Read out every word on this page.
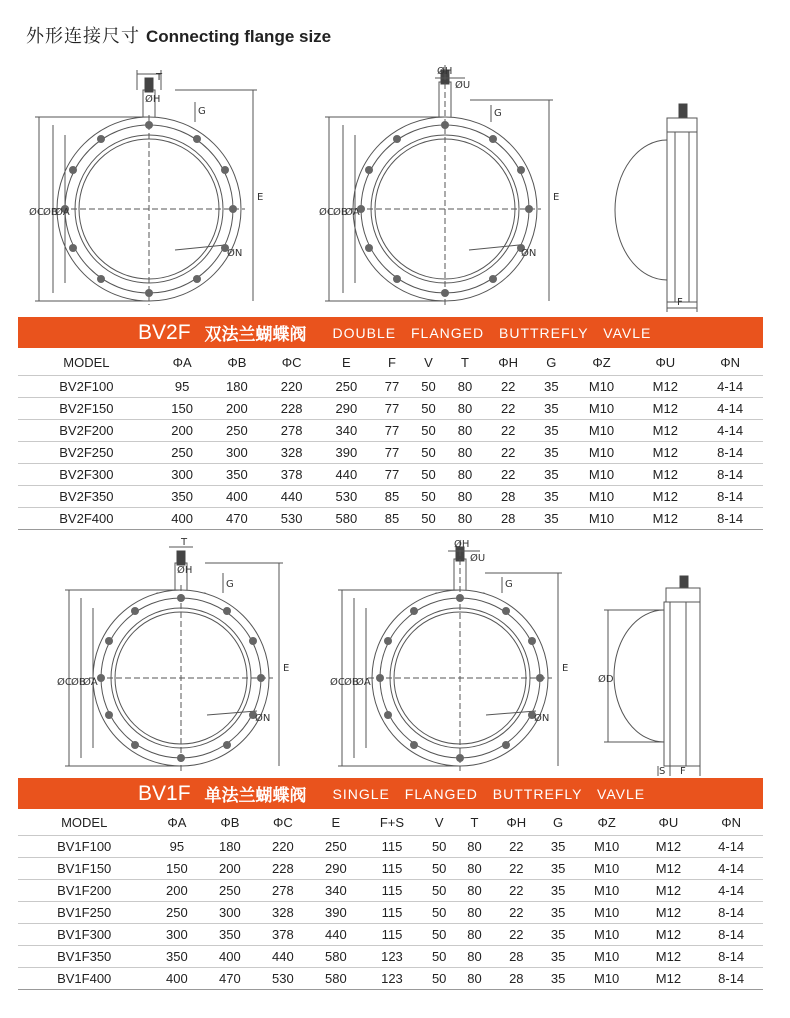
外形连接尺寸 Connecting flange size
T
ØH
G
E
ØC ØB
ØA
ØN
ØH
ØU
G
E
ØC ØB
ØA
ØN
F
BV2F 双法兰蝴蝶阀 DOUBLE FLANGED BUTTREFLY VAVLE
MODEL	ΦA	ΦB	ΦC	E	F	V	T	ΦH	G	ΦZ	ΦU	ΦN
BV2F100	95	180	220	250	77	50	80	22	35	M10	M12	4-14
BV2F150	150	200	228	290	77	50	80	22	35	M10	M12	4-14
BV2F200	200	250	278	340	77	50	80	22	35	M10	M12	4-14
BV2F250	250	300	328	390	77	50	80	22	35	M10	M12	8-14
BV2F300	300	350	378	440	77	50	80	22	35	M10	M12	8-14
BV2F350	350	400	440	530	85	50	80	28	35	M10	M12	8-14
BV2F400	400	470	530	580	85	50	80	28	35	M10	M12	8-14
T
ØH
G
E
ØC ØB
ØA
ØN
ØH
ØU
G
E
ØC ØB
ØA
ØN
ØD
S F
BV1F 单法兰蝴蝶阀 SINGLE FLANGED BUTTREFLY VAVLE
MODEL	ΦA	ΦB	ΦC	E	F+S	V	T	ΦH	G	ΦZ	ΦU	ΦN
BV1F100	95	180	220	250	115	50	80	22	35	M10	M12	4-14
BV1F150	150	200	228	290	115	50	80	22	35	M10	M12	4-14
BV1F200	200	250	278	340	115	50	80	22	35	M10	M12	4-14
BV1F250	250	300	328	390	115	50	80	22	35	M10	M12	8-14
BV1F300	300	350	378	440	115	50	80	22	35	M10	M12	8-14
BV1F350	350	400	440	580	123	50	80	28	35	M10	M12	8-14
BV1F400	400	470	530	580	123	50	80	28	35	M10	M12	8-14
